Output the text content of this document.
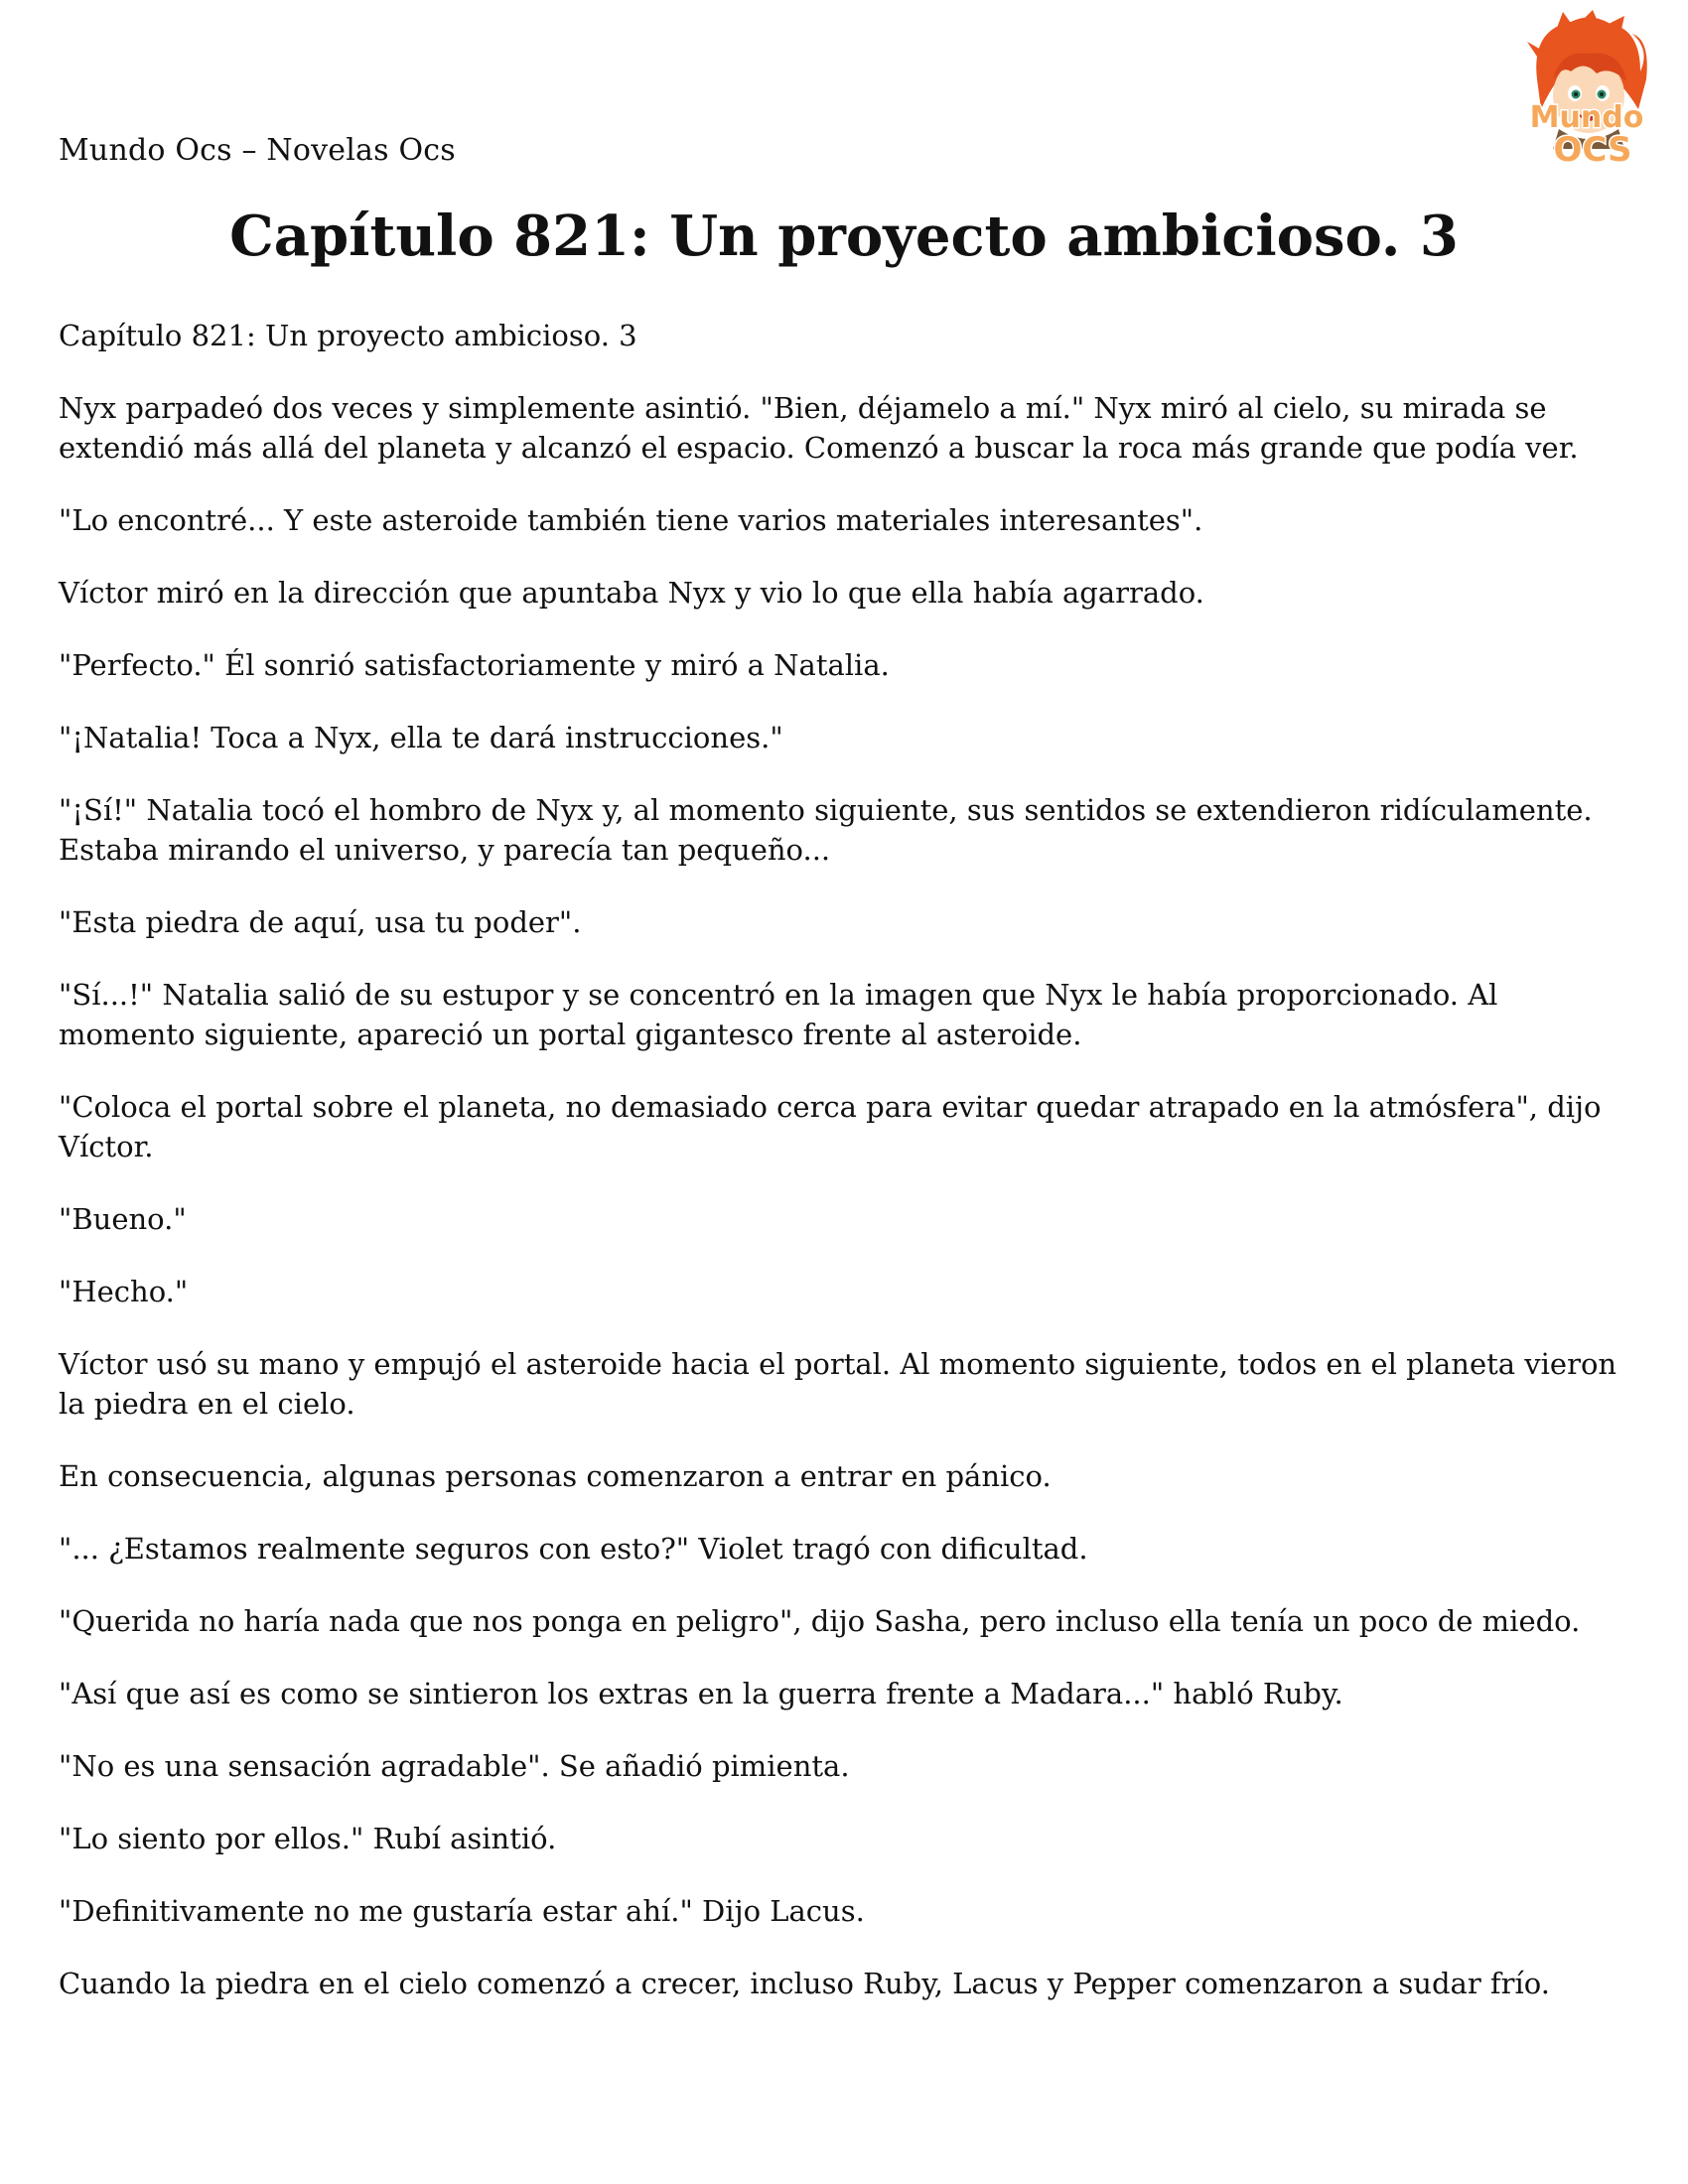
Mundo Ocs – Novelas Ocs
Mundo
OCS
Capítulo 821: Un proyecto ambicioso. 3

Capítulo 821: Un proyecto ambicioso. 3

Nyx parpadeó dos veces y simplemente asintió. "Bien, déjamelo a mí." Nyx miró al cielo, su mirada se extendió más allá del planeta y alcanzó el espacio. Comenzó a buscar la roca más grande que podía ver.

"Lo encontré... Y este asteroide también tiene varios materiales interesantes".

Víctor miró en la dirección que apuntaba Nyx y vio lo que ella había agarrado.

"Perfecto." Él sonrió satisfactoriamente y miró a Natalia.

"¡Natalia! Toca a Nyx, ella te dará instrucciones."

"¡Sí!" Natalia tocó el hombro de Nyx y, al momento siguiente, sus sentidos se extendieron ridículamente. Estaba mirando el universo, y parecía tan pequeño...

"Esta piedra de aquí, usa tu poder".

"Sí...!" Natalia salió de su estupor y se concentró en la imagen que Nyx le había proporcionado. Al momento siguiente, apareció un portal gigantesco frente al asteroide.

"Coloca el portal sobre el planeta, no demasiado cerca para evitar quedar atrapado en la atmósfera", dijo Víctor.

"Bueno."

"Hecho."

Víctor usó su mano y empujó el asteroide hacia el portal. Al momento siguiente, todos en el planeta vieron la piedra en el cielo.

En consecuencia, algunas personas comenzaron a entrar en pánico.

"... ¿Estamos realmente seguros con esto?" Violet tragó con dificultad.

"Querida no haría nada que nos ponga en peligro", dijo Sasha, pero incluso ella tenía un poco de miedo.

"Así que así es como se sintieron los extras en la guerra frente a Madara..." habló Ruby.

"No es una sensación agradable". Se añadió pimienta.

"Lo siento por ellos." Rubí asintió.

"Definitivamente no me gustaría estar ahí." Dijo Lacus.

Cuando la piedra en el cielo comenzó a crecer, incluso Ruby, Lacus y Pepper comenzaron a sudar frío.
